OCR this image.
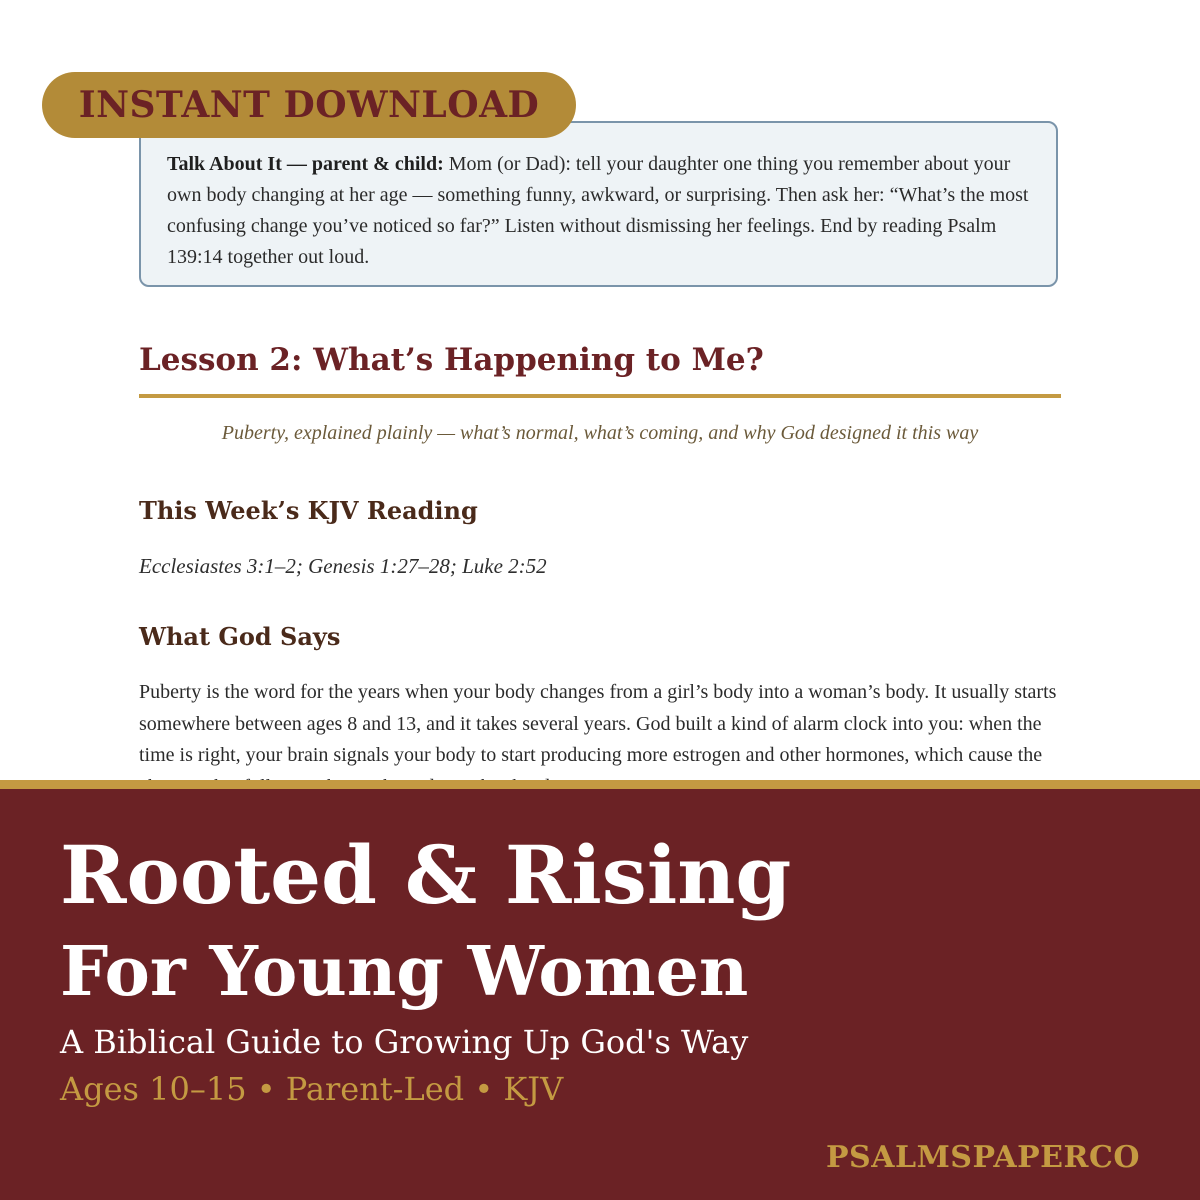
Talk About It — parent & child: Mom (or Dad): tell your daughter one thing you remember about your own body changing at her age — something funny, awkward, or surprising. Then ask her: “What’s the most confusing change you’ve noticed so far?” Listen without dismissing her feelings. End by reading Psalm 139:14 together out loud.
Lesson 2: What’s Happening to Me?
Puberty, explained plainly — what’s normal, what’s coming, and why God designed it this way
This Week’s KJV Reading
Ecclesiastes 3:1–2; Genesis 1:27–28; Luke 2:52
What God Says

Puberty is the word for the years when your body changes from a girl’s body into a woman’s body. It usually starts somewhere between ages 8 and 13, and it takes several years. God built a kind of alarm clock into you: when the time is right, your brain signals your body to start producing more estrogen and other hormones, which cause the

INSTANT DOWNLOAD
Rooted & Rising
For Young Women
A Biblical Guide to Growing Up God's Way
Ages 10–15 • Parent-Led • KJV
PSALMSPAPERCO
